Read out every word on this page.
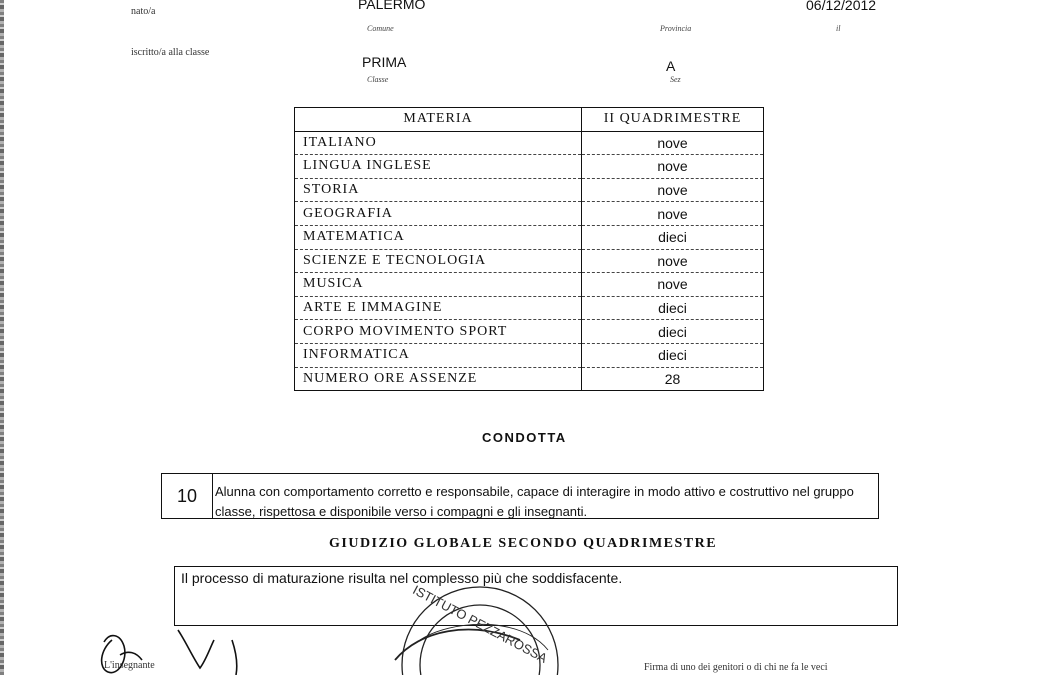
nato/a	PALERMO
Comune	Provincia
06/12/2012
il
iscritto/a alla classe
PRIMA
Classe
A
Sez
MATERIA	II QUADRIMESTRE
ITALIANO	nove
LINGUA INGLESE	nove
STORIA	nove
GEOGRAFIA	nove
MATEMATICA	dieci
SCIENZE E TECNOLOGIA	nove
MUSICA	nove
ARTE E IMMAGINE	dieci
CORPO MOVIMENTO SPORT	dieci
INFORMATICA	dieci
NUMERO ORE ASSENZE	28
CONDOTTA
10	Alunna con comportamento corretto e responsabile, capace di interagire in modo attivo e costruttivo nel gruppo classe, rispettosa e disponibile verso i compagni e gli insegnanti.
GIUDIZIO GLOBALE SECONDO QUADRIMESTRE
Il processo di maturazione risulta nel complesso più che soddisfacente.
L'insegnante	Firma di uno dei genitori o di chi ne fa le veci
ISTITUTO PEZZAROSSA
